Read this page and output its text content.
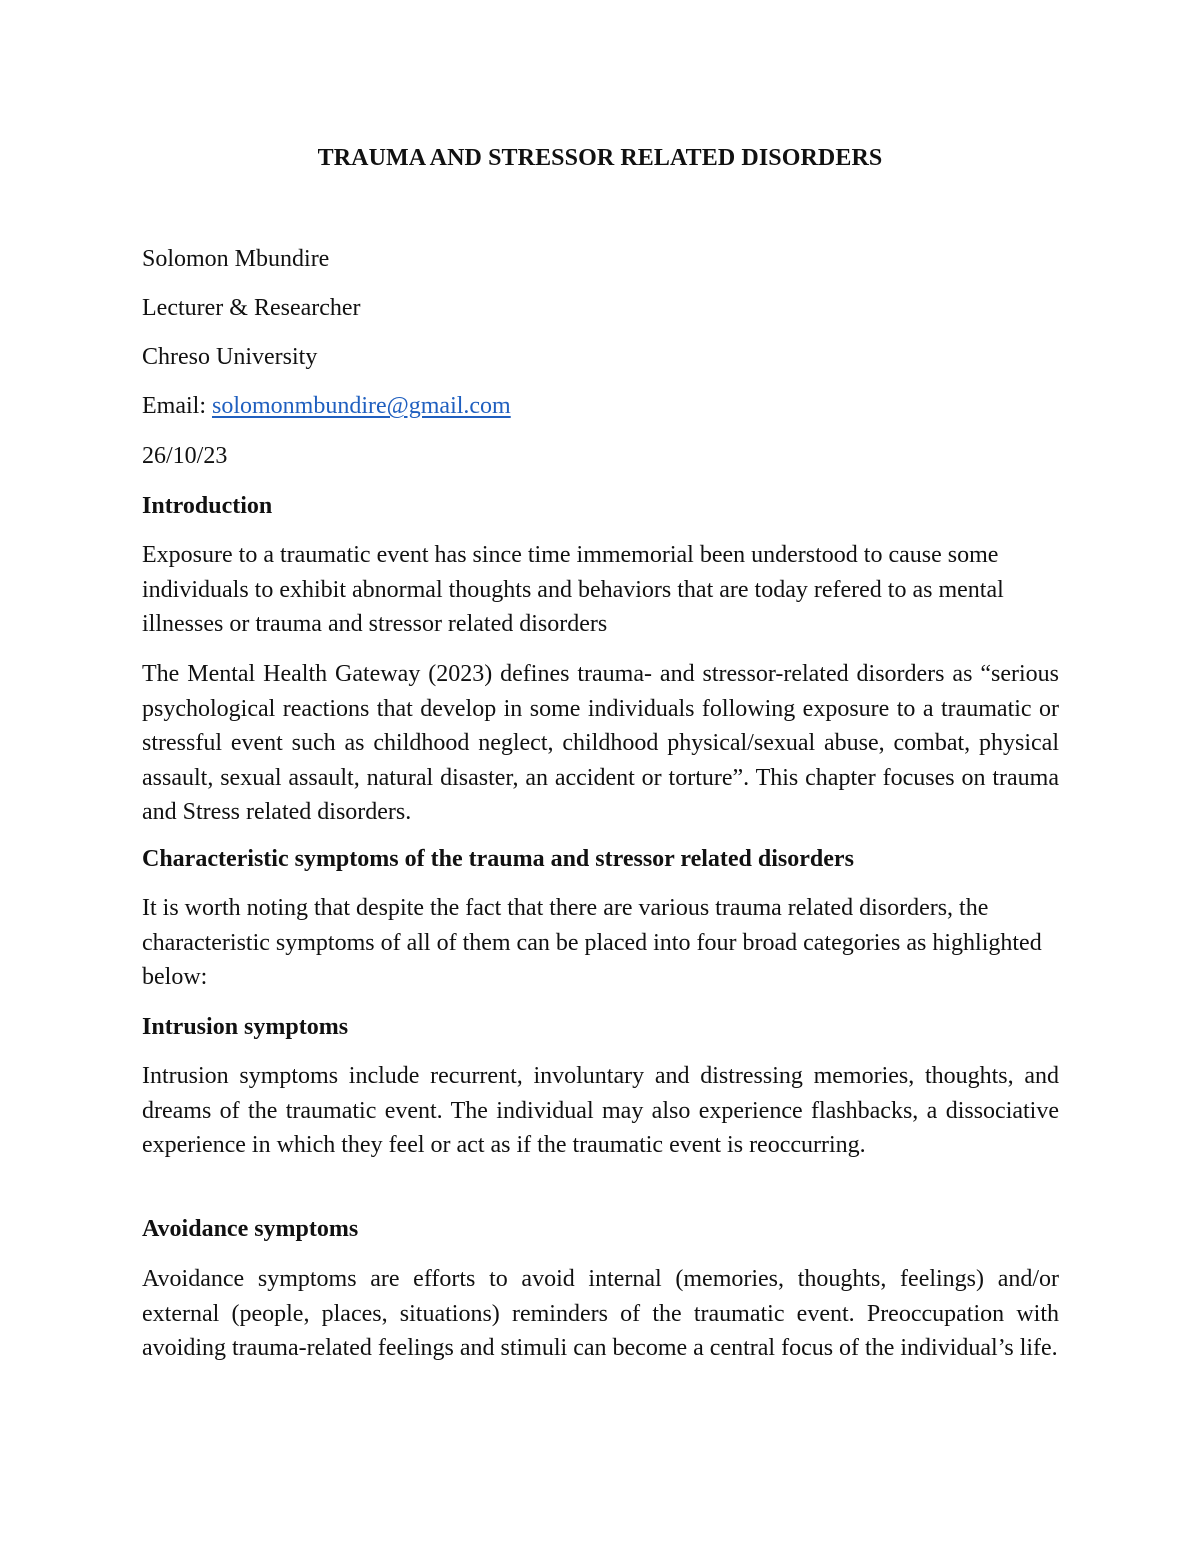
TRAUMA AND STRESSOR RELATED DISORDERS
Solomon Mbundire
Lecturer & Researcher
Chreso University
Email: solomonmbundire@gmail.com
26/10/23
Introduction
Exposure to a traumatic event has since time immemorial been understood to cause some individuals to exhibit abnormal thoughts and behaviors that are today refered to as mental illnesses or trauma and stressor related disorders
The Mental Health Gateway (2023) defines trauma- and stressor-related disorders as “serious psychological reactions that develop in some individuals following exposure to a traumatic or stressful event such as childhood neglect, childhood physical/sexual abuse, combat, physical assault, sexual assault, natural disaster, an accident or torture”. This chapter focuses on trauma and Stress related disorders.
Characteristic symptoms of the trauma and stressor related disorders
It is worth noting that despite the fact that there are various trauma related disorders, the characteristic symptoms of all of them can be placed into four broad categories as highlighted below:
Intrusion symptoms
Intrusion symptoms include recurrent, involuntary and distressing memories, thoughts, and dreams of the traumatic event. The individual may also experience flashbacks, a dissociative experience in which they feel or act as if the traumatic event is reoccurring.
Avoidance symptoms
Avoidance symptoms are efforts to avoid internal (memories, thoughts, feelings) and/or external (people, places, situations) reminders of the traumatic event. Preoccupation with avoiding trauma-related feelings and stimuli can become a central focus of the individual’s life.
